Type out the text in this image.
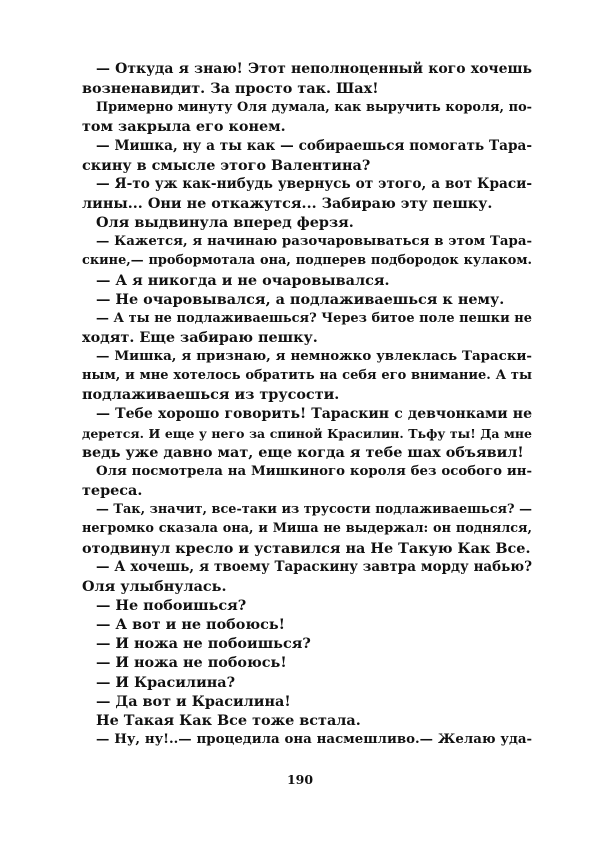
— Откуда я знаю! Этот неполноценный кого хочешь
возненавидит. За просто так. Шах!
Примерно минуту Оля думала, как выручить короля, по-
том закрыла его конем.
— Мишка, ну а ты как — собираешься помогать Тара-
скину в смысле этого Валентина?
— Я-то уж как-нибудь увернусь от этого, а вот Краси-
лины... Они не откажутся... Забираю эту пешку.
Оля выдвинула вперед ферзя.
— Кажется, я начинаю разочаровываться в этом Тара-
скине,— пробормотала она, подперев подбородок кулаком.
— А я никогда и не очаровывался.
— Не очаровывался, а подлаживаешься к нему.
— А ты не подлаживаешься? Через битое поле пешки не
ходят. Еще забираю пешку.
— Мишка, я признаю, я немножко увлеклась Тараски-
ным, и мне хотелось обратить на себя его внимание. А ты
подлаживаешься из трусости.
— Тебе хорошо говорить! Тараскин с девчонками не
дерется. И еще у него за спиной Красилин. Тьфу ты! Да мне
ведь уже давно мат, еще когда я тебе шах объявил!
Оля посмотрела на Мишкиного короля без особого ин-
тереса.
— Так, значит, все-таки из трусости подлаживаешься? —
негромко сказала она, и Миша не выдержал: он поднялся,
отодвинул кресло и уставился на Не Такую Как Все.
— А хочешь, я твоему Тараскину завтра морду набью?
Оля улыбнулась.
— Не побоишься?
— А вот и не побоюсь!
— И ножа не побоишься?
— И ножа не побоюсь!
— И Красилина?
— Да вот и Красилина!
Не Такая Как Все тоже встала.
— Ну, ну!..— процедила она насмешливо.— Желаю уда-
190
